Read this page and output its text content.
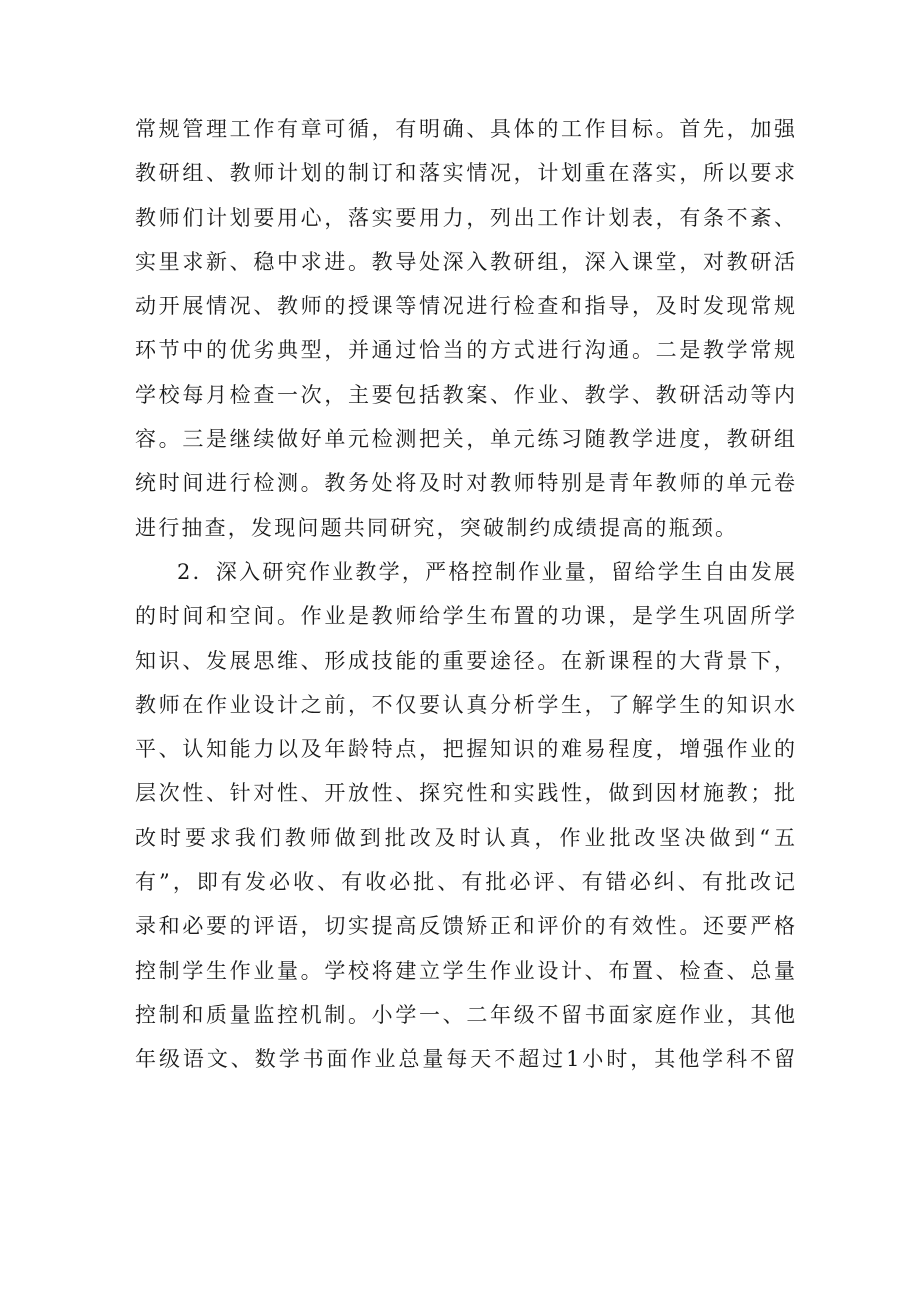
常规管理工作有章可循，有明确、具体的工作目标。首先，加强
教研组、教师计划的制订和落实情况，计划重在落实，所以要求
教师们计划要用心，落实要用力，列出工作计划表，有条不紊、
实里求新、稳中求进。教导处深入教研组，深入课堂，对教研活
动开展情况、教师的授课等情况进行检查和指导，及时发现常规
环节中的优劣典型，并通过恰当的方式进行沟通。二是教学常规
学校每月检查一次，主要包括教案、作业、教学、教研活动等内
容。三是继续做好单元检测把关，单元练习随教学进度，教研组
统时间进行检测。教务处将及时对教师特别是青年教师的单元卷
进行抽查，发现问题共同研究，突破制约成绩提高的瓶颈。
2．深入研究作业教学，严格控制作业量，留给学生自由发展
的时间和空间。作业是教师给学生布置的功课，是学生巩固所学
知识、发展思维、形成技能的重要途径。在新课程的大背景下，
教师在作业设计之前，不仅要认真分析学生，了解学生的知识水
平、认知能力以及年龄特点，把握知识的难易程度，增强作业的
层次性、针对性、开放性、探究性和实践性，做到因材施教；批
改时要求我们教师做到批改及时认真，作业批改坚决做到“五
有”，即有发必收、有收必批、有批必评、有错必纠、有批改记
录和必要的评语，切实提高反馈矫正和评价的有效性。还要严格
控制学生作业量。学校将建立学生作业设计、布置、检查、总量
控制和质量监控机制。小学一、二年级不留书面家庭作业，其他
年级语文、数学书面作业总量每天不超过1小时，其他学科不留
